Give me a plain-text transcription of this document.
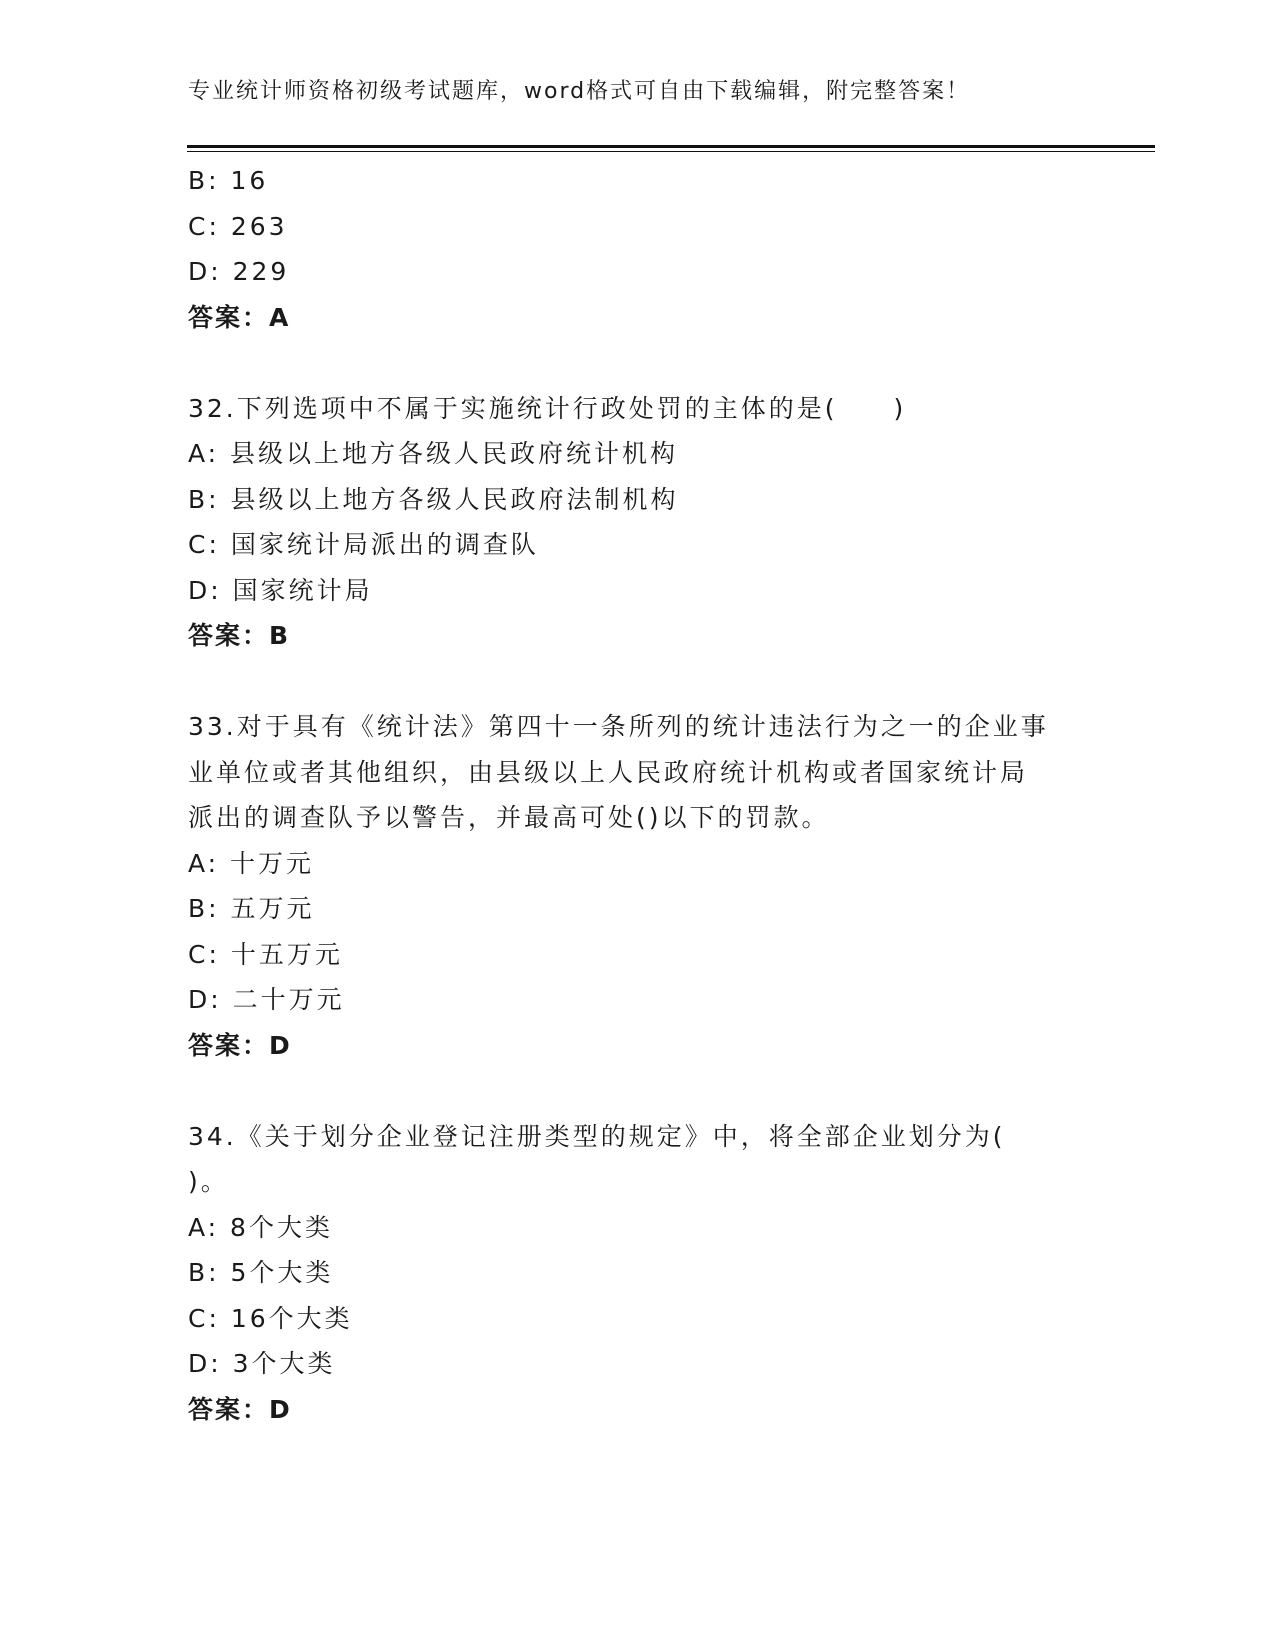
专业统计师资格初级考试题库，word格式可自由下载编辑，附完整答案！
B: 16
C: 263
D: 229
答案：A
32.下列选项中不属于实施统计行政处罚的主体的是(　　)
A: 县级以上地方各级人民政府统计机构
B: 县级以上地方各级人民政府法制机构
C: 国家统计局派出的调查队
D: 国家统计局
答案：B
33.对于具有《统计法》第四十一条所列的统计违法行为之一的企业事
业单位或者其他组织，由县级以上人民政府统计机构或者国家统计局
派出的调查队予以警告，并最高可处()以下的罚款。
A: 十万元
B: 五万元
C: 十五万元
D: 二十万元
答案：D
34.《关于划分企业登记注册类型的规定》中，将全部企业划分为(
)。
A: 8个大类
B: 5个大类
C: 16个大类
D: 3个大类
答案：D
